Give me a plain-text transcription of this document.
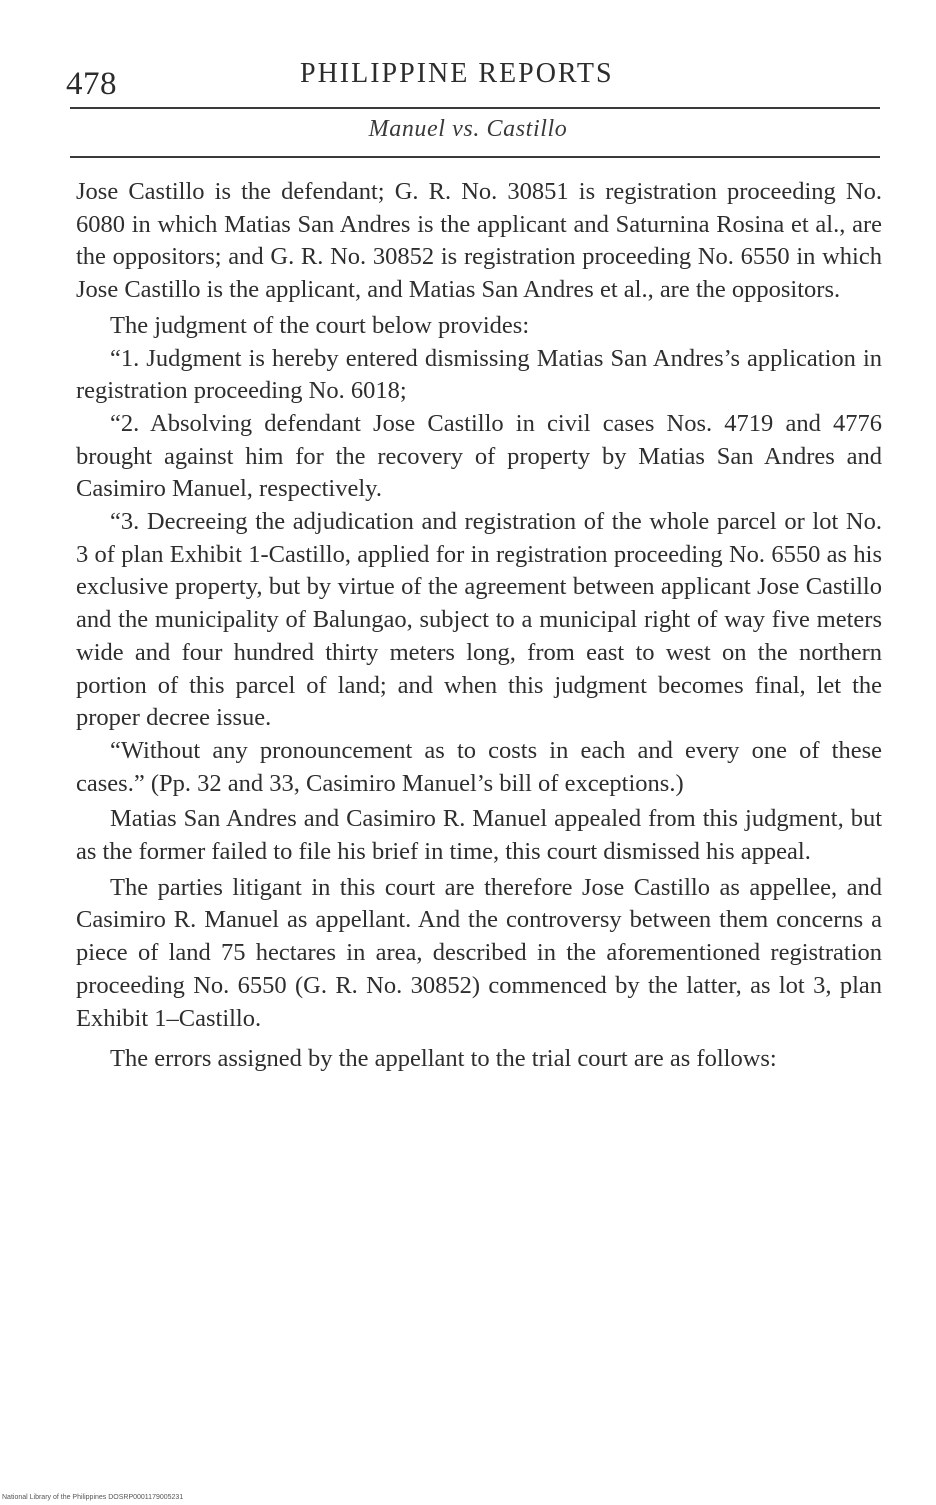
478	PHILIPPINE REPORTS
Manuel vs. Castillo

Jose Castillo is the defendant; G. R. No. 30851 is registration proceeding No. 6080 in which Matias San Andres is the applicant and Saturnina Rosina et al., are the oppositors; and G. R. No. 30852 is registration proceeding No. 6550 in which Jose Castillo is the applicant, and Matias San Andres et al., are the oppositors.

The judgment of the court below provides:

“1. Judgment is hereby entered dismissing Matias San Andres’s application in registration proceeding No. 6018;

“2. Absolving defendant Jose Castillo in civil cases Nos. 4719 and 4776 brought against him for the recovery of property by Matias San Andres and Casimiro Manuel, respectively.

“3. Decreeing the adjudication and registration of the whole parcel or lot No. 3 of plan Exhibit 1-Castillo, applied for in registration proceeding No. 6550 as his exclusive property, but by virtue of the agreement between applicant Jose Castillo and the municipality of Balungao, subject to a municipal right of way five meters wide and four hundred thirty meters long, from east to west on the northern portion of this parcel of land; and when this judgment becomes final, let the proper decree issue.

“Without any pronouncement as to costs in each and every one of these cases.” (Pp. 32 and 33, Casimiro Manuel’s bill of exceptions.)

Matias San Andres and Casimiro R. Manuel appealed from this judgment, but as the former failed to file his brief in time, this court dismissed his appeal.

The parties litigant in this court are therefore Jose Castillo as appellee, and Casimiro R. Manuel as appellant. And the controversy between them concerns a piece of land 75 hectares in area, described in the aforementioned registration proceeding No. 6550 (G. R. No. 30852) commenced by the latter, as lot 3, plan Exhibit 1–Castillo.

The errors assigned by the appellant to the trial court are as follows:

National Library of the Philippines DOSRP0001179005231
